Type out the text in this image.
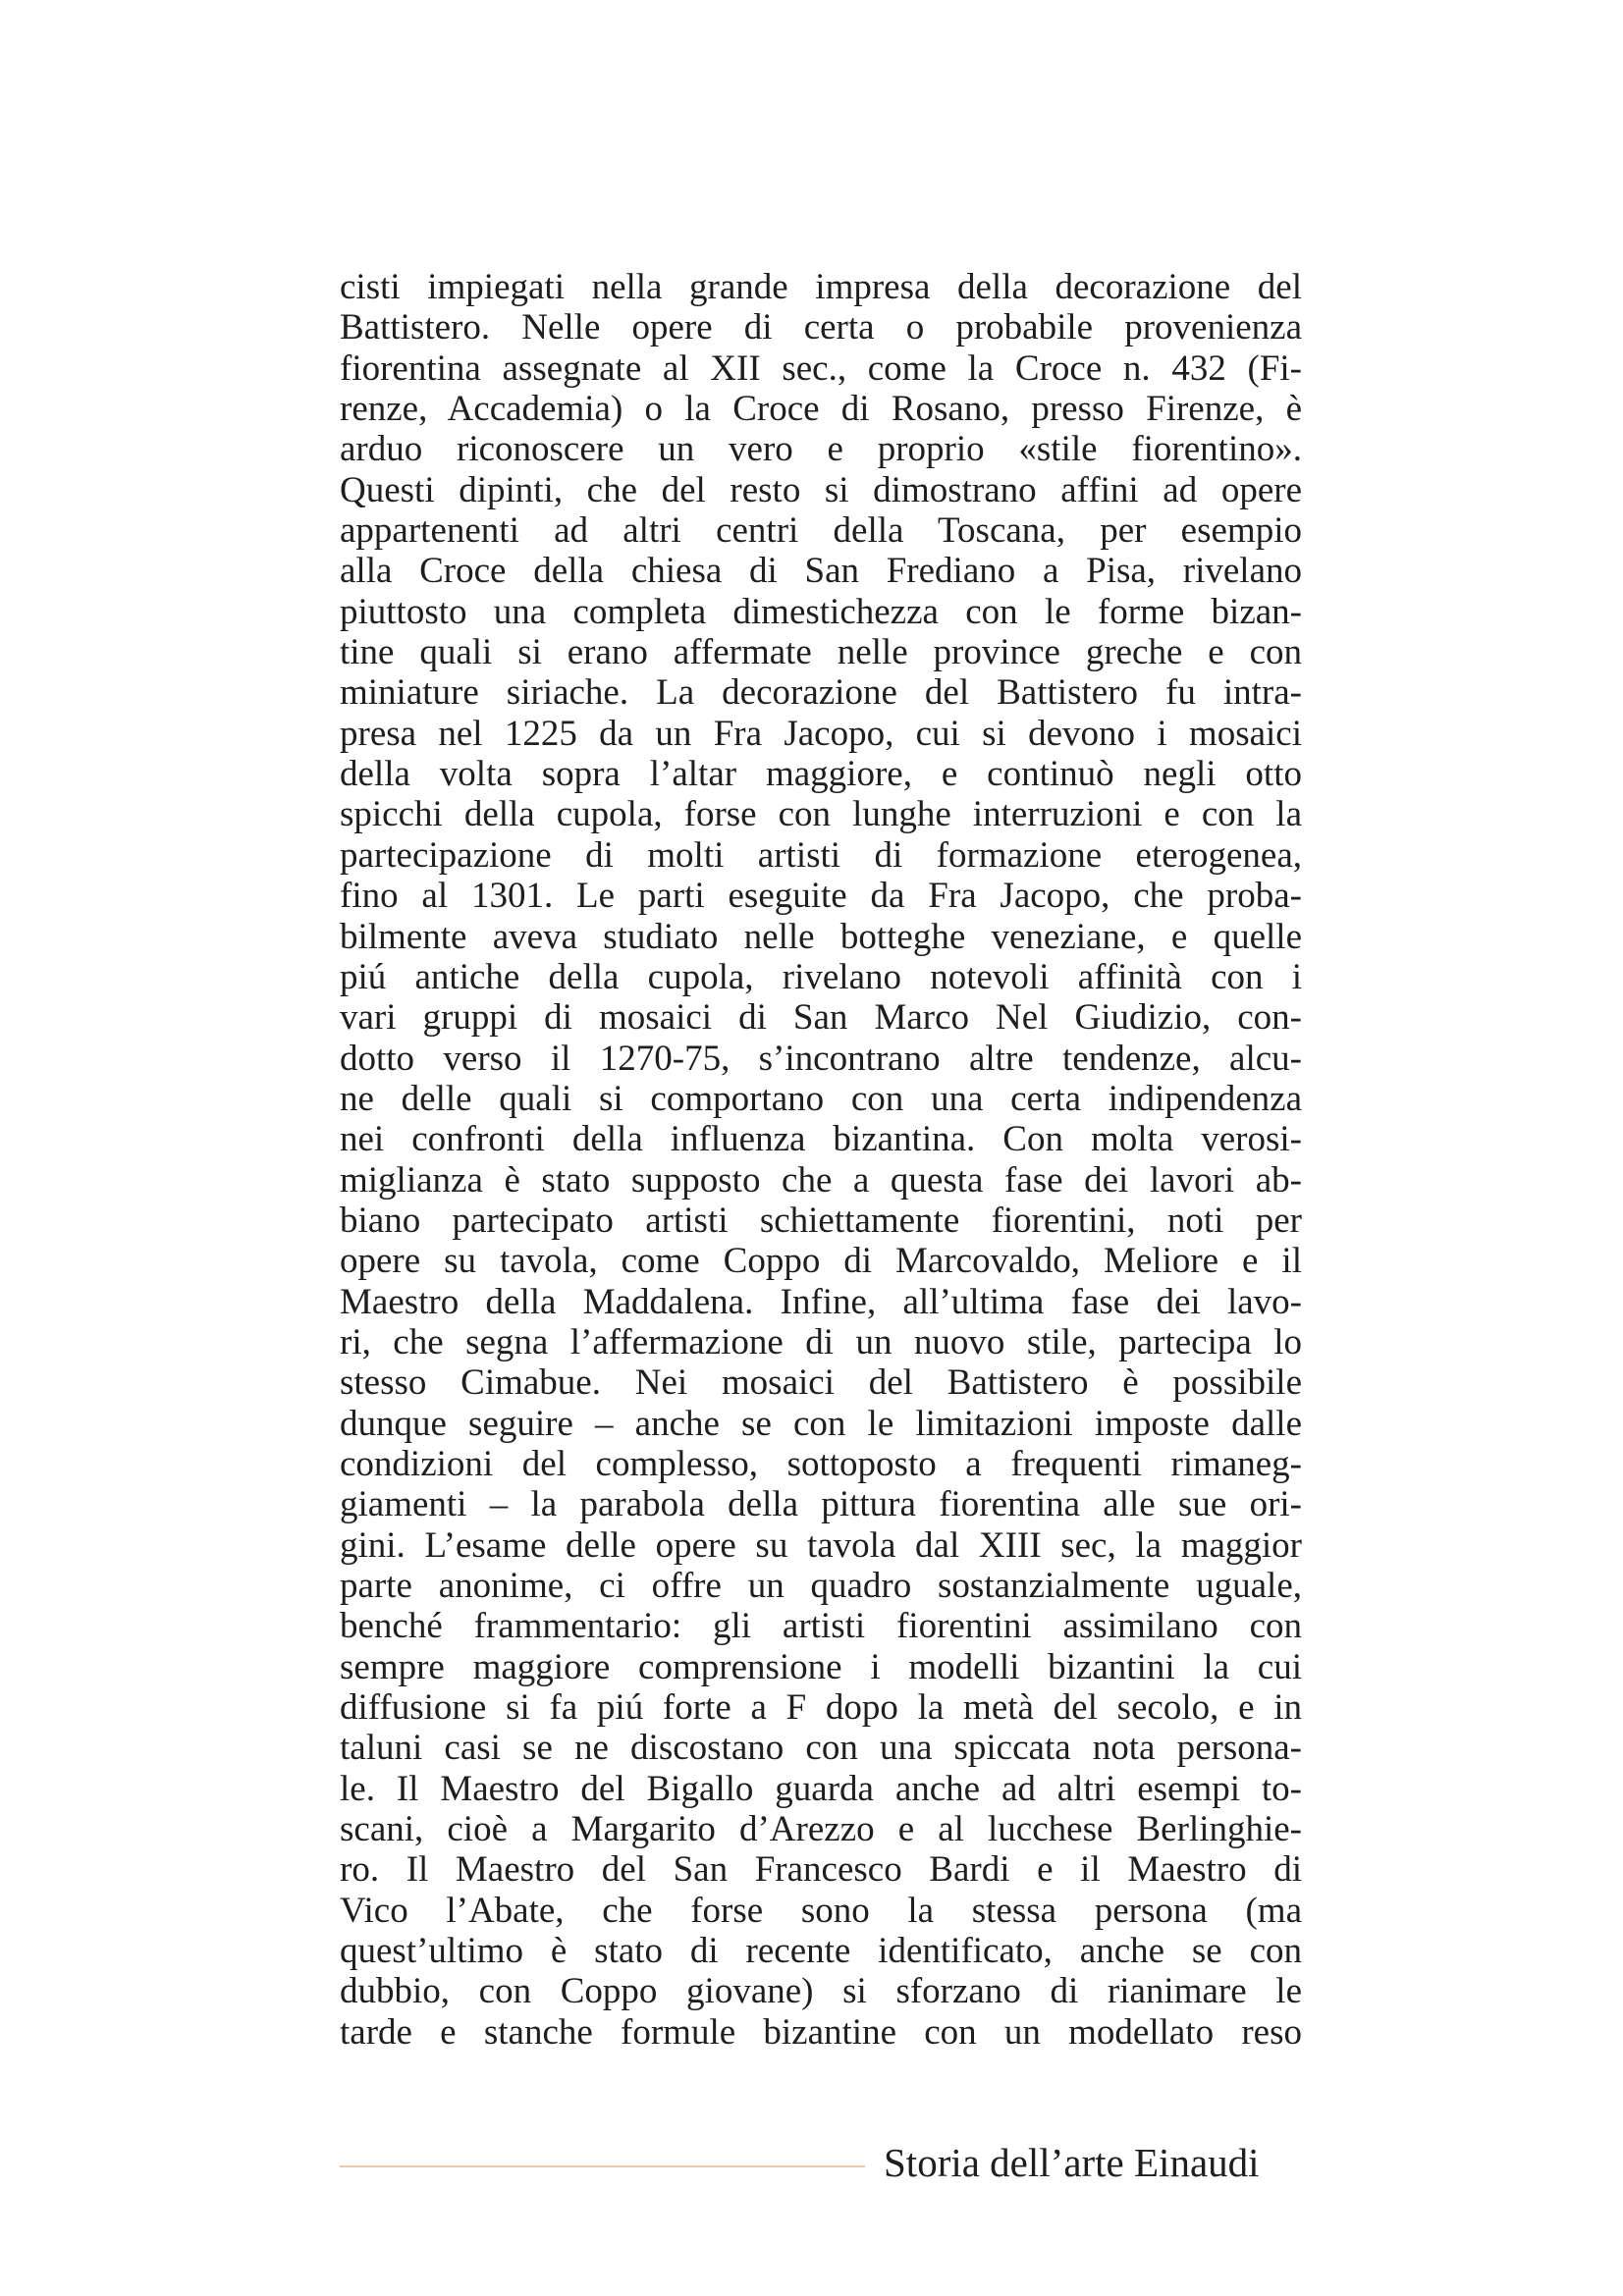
cisti impiegati nella grande impresa della decorazione del
Battistero. Nelle opere di certa o probabile provenienza
fiorentina assegnate al XII sec., come la Croce n. 432 (Fi-
renze, Accademia) o la Croce di Rosano, presso Firenze, è
arduo riconoscere un vero e proprio «stile fiorentino».
Questi dipinti, che del resto si dimostrano affini ad opere
appartenenti ad altri centri della Toscana, per esempio
alla Croce della chiesa di San Frediano a Pisa, rivelano
piuttosto una completa dimestichezza con le forme bizan-
tine quali si erano affermate nelle province greche e con
miniature siriache. La decorazione del Battistero fu intra-
presa nel 1225 da un Fra Jacopo, cui si devono i mosaici
della volta sopra l’altar maggiore, e continuò negli otto
spicchi della cupola, forse con lunghe interruzioni e con la
partecipazione di molti artisti di formazione eterogenea,
fino al 1301. Le parti eseguite da Fra Jacopo, che proba-
bilmente aveva studiato nelle botteghe veneziane, e quelle
piú antiche della cupola, rivelano notevoli affinità con i
vari gruppi di mosaici di San Marco Nel Giudizio, con-
dotto verso il 1270-75, s’incontrano altre tendenze, alcu-
ne delle quali si comportano con una certa indipendenza
nei confronti della influenza bizantina. Con molta verosi-
miglianza è stato supposto che a questa fase dei lavori ab-
biano partecipato artisti schiettamente fiorentini, noti per
opere su tavola, come Coppo di Marcovaldo, Meliore e il
Maestro della Maddalena. Infine, all’ultima fase dei lavo-
ri, che segna l’affermazione di un nuovo stile, partecipa lo
stesso Cimabue. Nei mosaici del Battistero è possibile
dunque seguire – anche se con le limitazioni imposte dalle
condizioni del complesso, sottoposto a frequenti rimaneg-
giamenti – la parabola della pittura fiorentina alle sue ori-
gini. L’esame delle opere su tavola dal XIII sec, la maggior
parte anonime, ci offre un quadro sostanzialmente uguale,
benché frammentario: gli artisti fiorentini assimilano con
sempre maggiore comprensione i modelli bizantini la cui
diffusione si fa piú forte a F dopo la metà del secolo, e in
taluni casi se ne discostano con una spiccata nota persona-
le. Il Maestro del Bigallo guarda anche ad altri esempi to-
scani, cioè a Margarito d’Arezzo e al lucchese Berlinghie-
ro. Il Maestro del San Francesco Bardi e il Maestro di
Vico l’Abate, che forse sono la stessa persona (ma
quest’ultimo è stato di recente identificato, anche se con
dubbio, con Coppo giovane) si sforzano di rianimare le
tarde e stanche formule bizantine con un modellato reso
Storia dell’arte Einaudi
